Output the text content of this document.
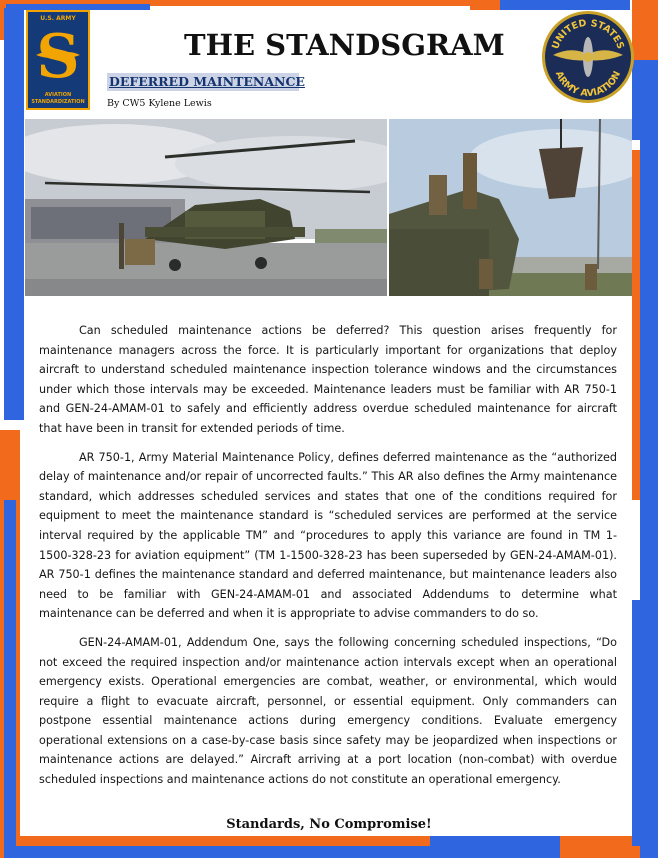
U.S. ARMY
S
AVIATION
STANDARDIZATION
THE STANDSGRAM
DEFERRED MAINTENANCE
By CW5 Kylene Lewis
UNITED STATES
ARMY AVIATION

Can scheduled maintenance actions be deferred? This question arises frequently for maintenance managers across the force. It is particularly important for organizations that deploy aircraft to understand scheduled maintenance inspection tolerance windows and the circumstances under which those intervals may be exceeded. Maintenance leaders must be familiar with AR 750-1 and GEN-24-AMAM-01 to safely and efficiently address overdue scheduled maintenance for aircraft that have been in transit for extended periods of time.

AR 750-1, Army Material Maintenance Policy, defines deferred maintenance as the “authorized delay of maintenance and/or repair of uncorrected faults.” This AR also defines the Army maintenance standard, which addresses scheduled services and states that one of the conditions required for equipment to meet the maintenance standard is “scheduled services are performed at the service interval required by the applicable TM” and “procedures to apply this variance are found in TM 1-1500-328-23 for aviation equipment” (TM 1-1500-328-23 has been superseded by GEN-24-AMAM-01). AR 750-1 defines the maintenance standard and deferred maintenance, but maintenance leaders also need to be familiar with GEN-24-AMAM-01 and associated Addendums to determine what maintenance can be deferred and when it is appropriate to advise commanders to do so.

GEN-24-AMAM-01, Addendum One, says the following concerning scheduled inspections, “Do not exceed the required inspection and/or maintenance action intervals except when an operational emergency exists. Operational emergencies are combat, weather, or environmental, which would require a flight to evacuate aircraft, personnel, or essential equipment. Only commanders can postpone essential maintenance actions during emergency conditions. Evaluate emergency operational extensions on a case-by-case basis since safety may be jeopardized when inspections or maintenance actions are delayed.” Aircraft arriving at a port location (non-combat) with overdue scheduled inspections and maintenance actions do not constitute an operational emergency.

Standards, No Compromise!
